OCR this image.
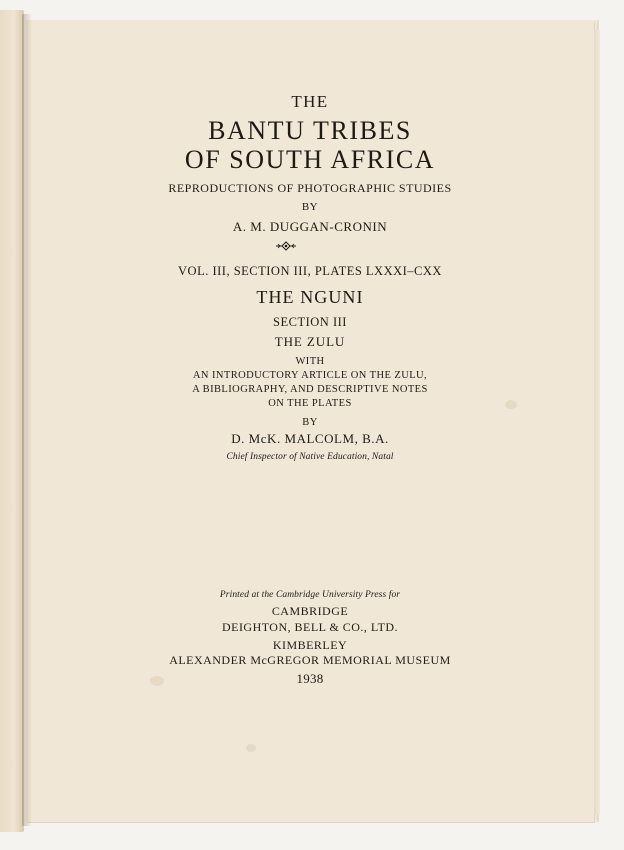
THE
BANTU TRIBES
OF SOUTH AFRICA
REPRODUCTIONS OF PHOTOGRAPHIC STUDIES
BY
A. M. DUGGAN-CRONIN
VOL. III, SECTION III, PLATES LXXXI–CXX
THE NGUNI
SECTION III
THE ZULU
WITH
AN INTRODUCTORY ARTICLE ON THE ZULU,
A BIBLIOGRAPHY, AND DESCRIPTIVE NOTES
ON THE PLATES
BY
D. McK. MALCOLM, B.A.
Chief Inspector of Native Education, Natal
Printed at the Cambridge University Press for
CAMBRIDGE
DEIGHTON, BELL & CO., LTD.
KIMBERLEY
ALEXANDER McGREGOR MEMORIAL MUSEUM
1938
